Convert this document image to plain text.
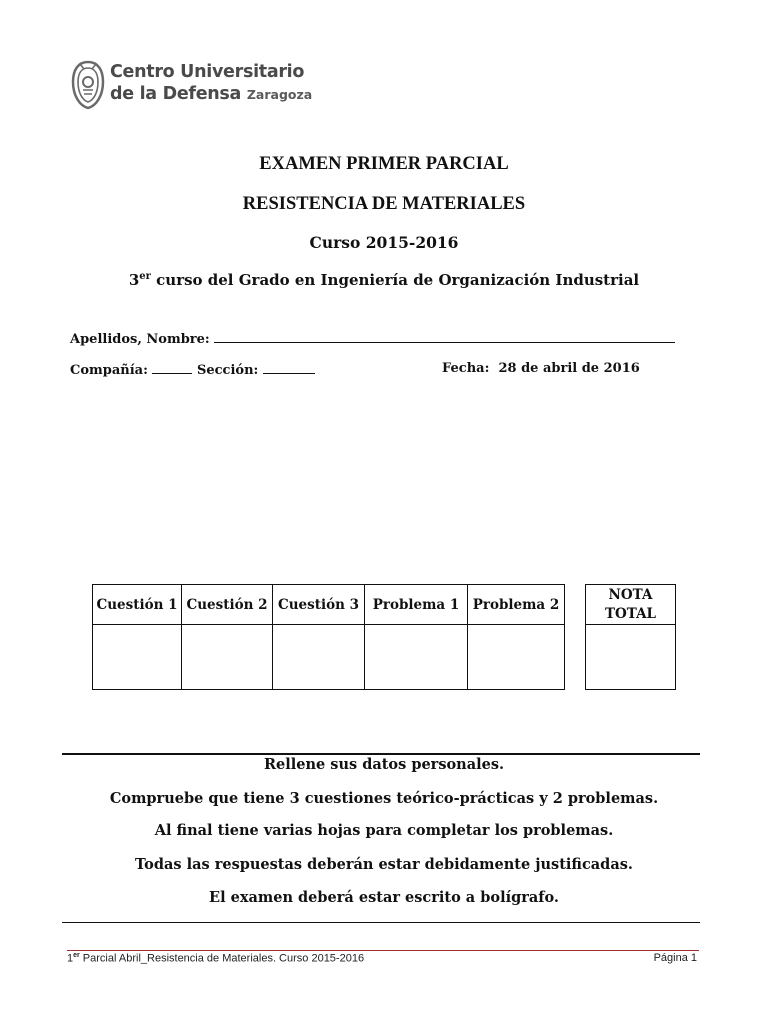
Centro Universitario
de la Defensa Zaragoza
EXAMEN PRIMER PARCIAL
RESISTENCIA DE MATERIALES
Curso 2015-2016
3er curso del Grado en Ingeniería de Organización Industrial
Apellidos, Nombre:
Compañía:	Sección:	Fecha: 28 de abril de 2016
Cuestión 1	Cuestión 2	Cuestión 3	Problema 1	Problema 2

NOTA
TOTAL

Rellene sus datos personales.
Compruebe que tiene 3 cuestiones teórico-prácticas y 2 problemas.
Al final tiene varias hojas para completar los problemas.
Todas las respuestas deberán estar debidamente justificadas.
El examen deberá estar escrito a bolígrafo.
1er Parcial Abril_Resistencia de Materiales. Curso 2015-2016	Página 1
